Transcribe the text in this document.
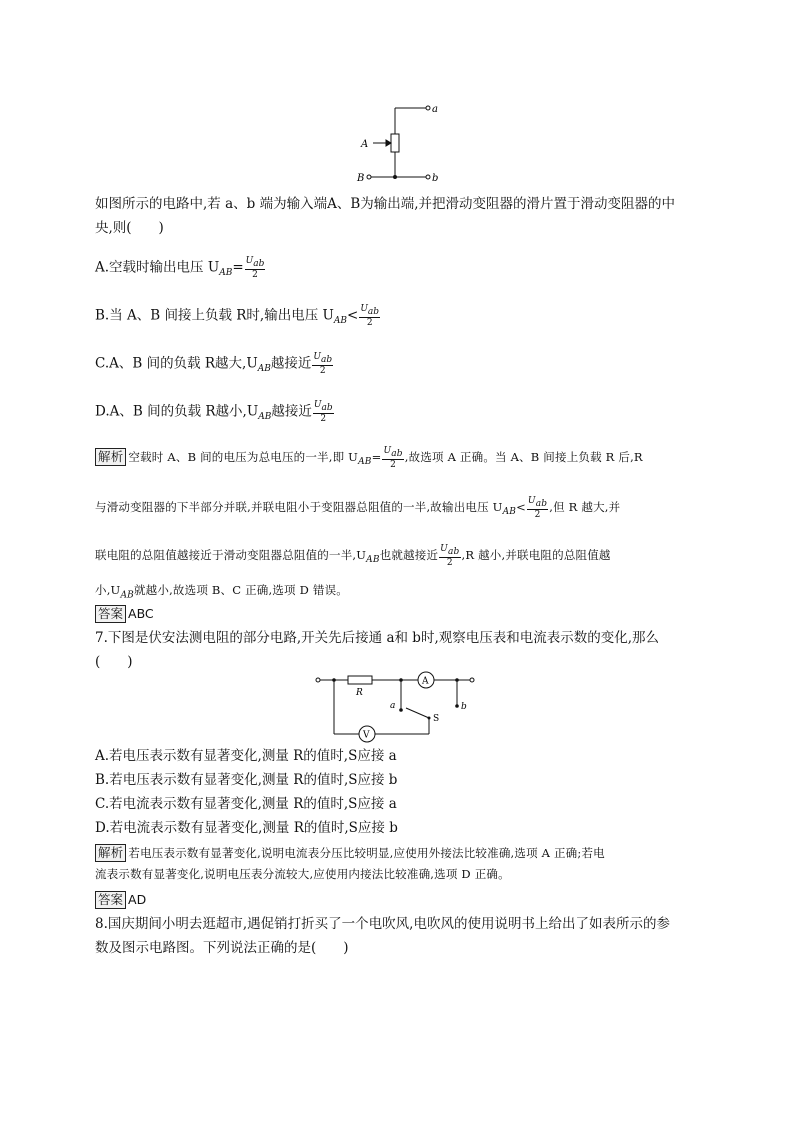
a
b
A
B
如图所示的电路中,若 a、b 端为输入端A、B为输出端,并把滑动变阻器的滑片置于滑动变阻器的中
央,则(　　)
A.空载时输出电压 $U_{AB}= \frac{U_{ab}}{2}$
B.当 A、B 间接上负载 R时,输出电压 $U_{AB}< \frac{U_{ab}}{2}$
C.A、B 间的负载 R越大$,U_{AB}$越接近 $\frac{U_{ab}}{2}$
D.A、B 间的负载 R越小$,U_{AB}$越接近 $\frac{U_{ab}}{2}$
解析 空载时 A、B 间的电压为总电压的一半,即 $U_{AB}= \frac{U_{ab}}{2}$ ,故选项 A 正确。当 A、B 间接上负载 R 后,R
与滑动变阻器的下半部分并联,并联电阻小于变阻器总阻值的一半,故输出电压 $U_{AB}< \frac{U_{ab}}{2}$ ,但 R 越大,并
联电阻的总阻值越接近于滑动变阻器总阻值的一半$,U_{AB}$也就越接近 $\frac{U_{ab}}{2} ,R$ 越小,并联电阻的总阻值越
小$,U_{AB}$就越小,故选项 B、C 正确,选项 D 错误。
答案 ABC
7.下图是伏安法测电阻的部分电路,开关先后接通 a和 b时,观察电压表和电流表示数的变化,那么
(　　)
R
A
V
a	b
S
A.若电压表示数有显著变化,测量 R的值时,S应接 a
B.若电压表示数有显著变化,测量 R的值时,S应接 b
C.若电流表示数有显著变化,测量 R的值时,S应接 a
D.若电流表示数有显著变化,测量 R的值时,S应接 b
解析 若电压表示数有显著变化,说明电流表分压比较明显,应使用外接法比较准确,选项 A 正确;若电
流表示数有显著变化,说明电压表分流较大,应使用内接法比较准确,选项 D 正确。
答案 AD
8.国庆期间小明去逛超市,遇促销打折买了一个电吹风,电吹风的使用说明书上给出了如表所示的参
数及图示电路图。下列说法正确的是(　　)
